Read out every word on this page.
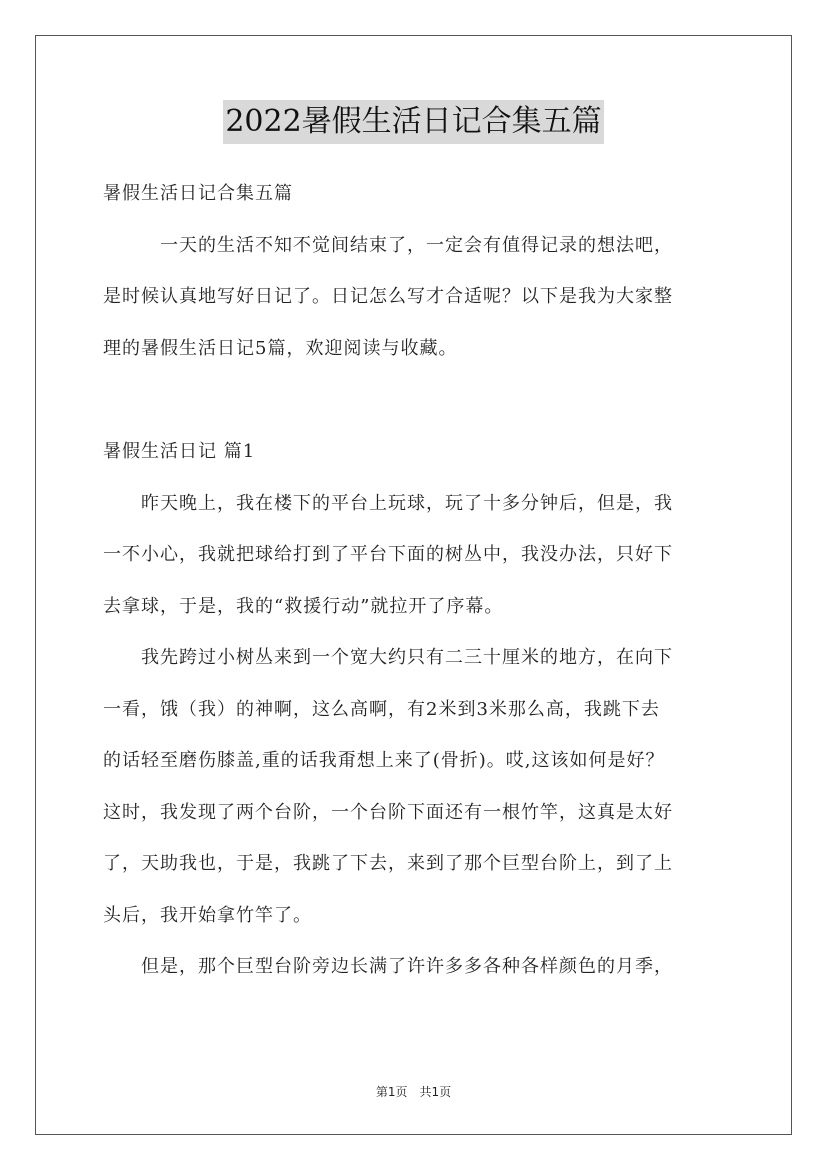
2022暑假生活日记合集五篇
暑假生活日记合集五篇
　　　一天的生活不知不觉间结束了，一定会有值得记录的想法吧，
是时候认真地写好日记了。日记怎么写才合适呢？以下是我为大家整
理的暑假生活日记5篇，欢迎阅读与收藏。
暑假生活日记 篇1
　　昨天晚上，我在楼下的平台上玩球，玩了十多分钟后，但是，我
一不小心，我就把球给打到了平台下面的树丛中，我没办法，只好下
去拿球，于是，我的“救援行动”就拉开了序幕。
　　我先跨过小树丛来到一个宽大约只有二三十厘米的地方，在向下
一看，饿（我）的神啊，这么高啊，有2米到3米那么高，我跳下去
的话轻至磨伤膝盖,重的话我甭想上来了(骨折)。哎,这该如何是好？
这时，我发现了两个台阶，一个台阶下面还有一根竹竿，这真是太好
了，天助我也，于是，我跳了下去，来到了那个巨型台阶上，到了上
头后，我开始拿竹竿了。
　　但是，那个巨型台阶旁边长满了许许多多各种各样颜色的月季，
第1页　共1页
